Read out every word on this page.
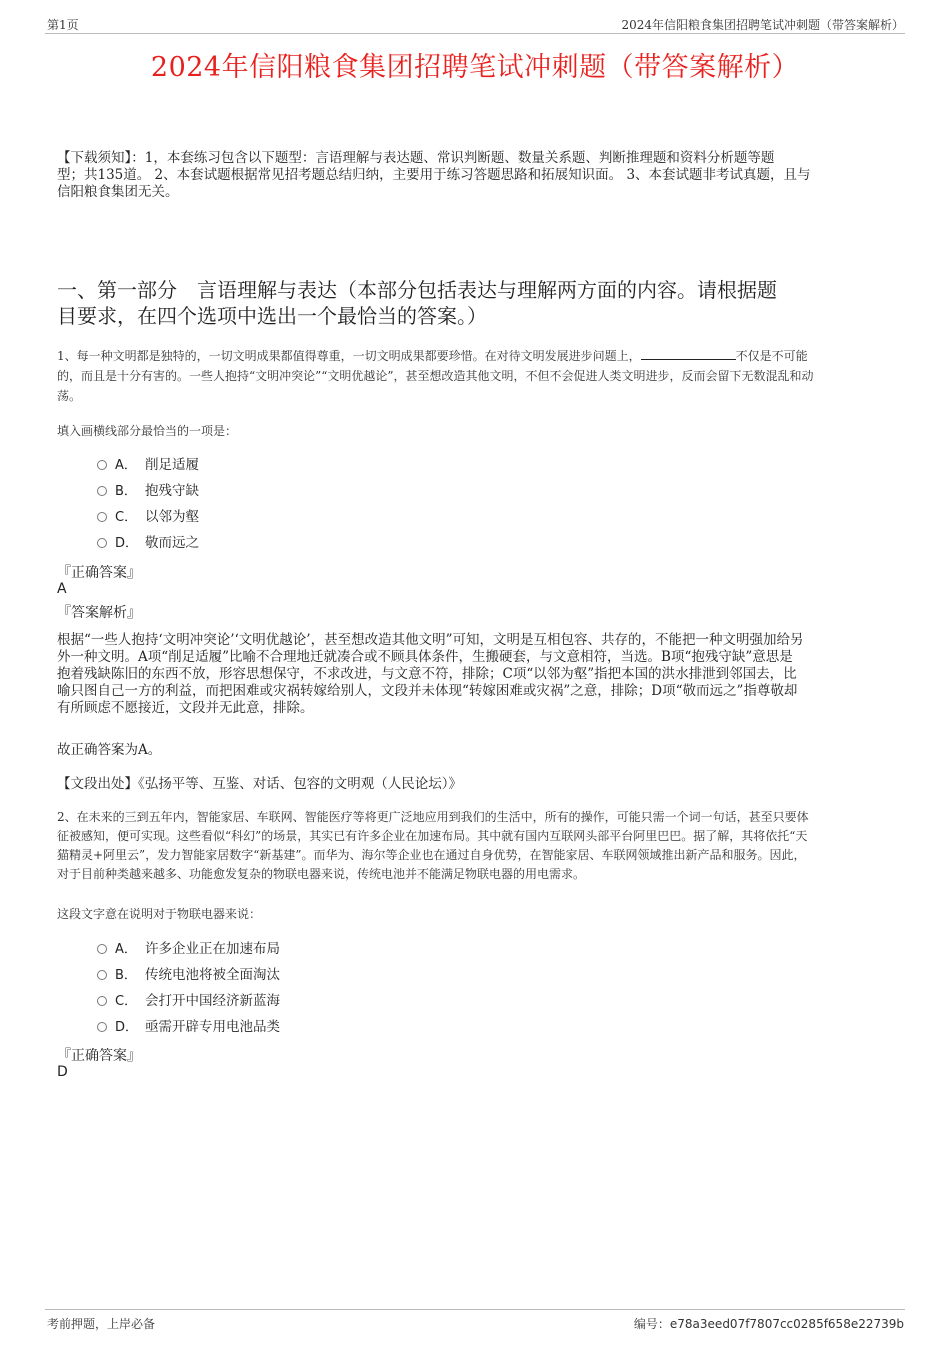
第1页	2024年信阳粮食集团招聘笔试冲刺题（带答案解析）
2024年信阳粮食集团招聘笔试冲刺题（带答案解析）
【下载须知】：1，本套练习包含以下题型：言语理解与表达题、常识判断题、数量关系题、判断推理题和资料分析题等题
型；共135道。 2、本套试题根据常见招考题总结归纳，主要用于练习答题思路和拓展知识面。 3、本套试题非考试真题，且与
信阳粮食集团无关。
一、第一部分　言语理解与表达（本部分包括表达与理解两方面的内容。请根据题
目要求，在四个选项中选出一个最恰当的答案。）
1、每一种文明都是独特的，一切文明成果都值得尊重，一切文明成果都要珍惜。在对待文明发展进步问题上，	不仅是不可能
的，而且是十分有害的。一些人抱持“文明冲突论”“文明优越论”，甚至想改造其他文明，不但不会促进人类文明进步，反而会留下无数混乱和动
荡。
填入画横线部分最恰当的一项是：
A． 削足适履
B． 抱残守缺
C． 以邻为壑
D． 敬而远之
『正确答案』
A
『答案解析』
根据“一些人抱持‘文明冲突论’‘文明优越论’，甚至想改造其他文明”可知，文明是互相包容、共存的，不能把一种文明强加给另
外一种文明。A项“削足适履”比喻不合理地迁就凑合或不顾具体条件，生搬硬套，与文意相符，当选。B项“抱残守缺”意思是
抱着残缺陈旧的东西不放，形容思想保守，不求改进，与文意不符，排除；C项“以邻为壑”指把本国的洪水排泄到邻国去，比
喻只图自己一方的利益，而把困难或灾祸转嫁给别人，文段并未体现“转嫁困难或灾祸”之意，排除；D项“敬而远之”指尊敬却
有所顾虑不愿接近，文段并无此意，排除。
故正确答案为A。
【文段出处】《弘扬平等、互鉴、对话、包容的文明观（人民论坛）》
2、在未来的三到五年内，智能家居、车联网、智能医疗等将更广泛地应用到我们的生活中，所有的操作，可能只需一个词一句话，甚至只要体
征被感知，便可实现。这些看似“科幻”的场景，其实已有许多企业在加速布局。其中就有国内互联网头部平台阿里巴巴。据了解，其将依托“天
猫精灵+阿里云”，发力智能家居数字“新基建”。而华为、海尔等企业也在通过自身优势，在智能家居、车联网领域推出新产品和服务。因此，
对于目前种类越来越多、功能愈发复杂的物联电器来说，传统电池并不能满足物联电器的用电需求。
这段文字意在说明对于物联电器来说：
A． 许多企业正在加速布局
B． 传统电池将被全面淘汰
C． 会打开中国经济新蓝海
D． 亟需开辟专用电池品类
『正确答案』
D
考前押题，上岸必备	编号：e78a3eed07f7807cc0285f658e22739b
